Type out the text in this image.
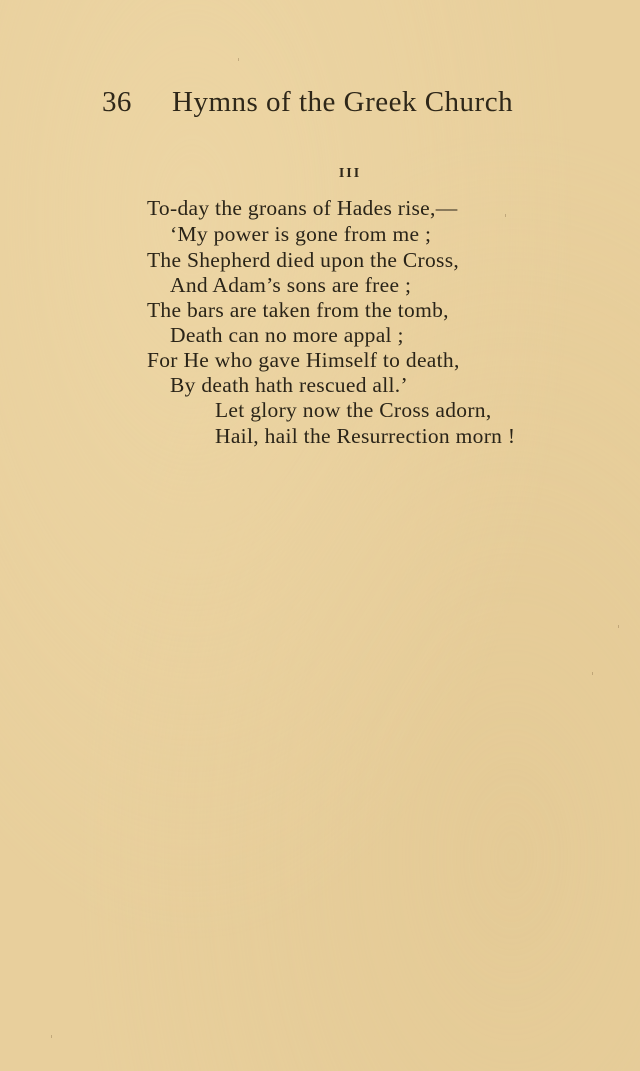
36 Hymns of the Greek Church
III
To-day the groans of Hades rise,—
‘My power is gone from me ;
The Shepherd died upon the Cross,
And Adam’s sons are free ;
The bars are taken from the tomb,
Death can no more appal ;
For He who gave Himself to death,
By death hath rescued all.’
Let glory now the Cross adorn,
Hail, hail the Resurrection morn !
